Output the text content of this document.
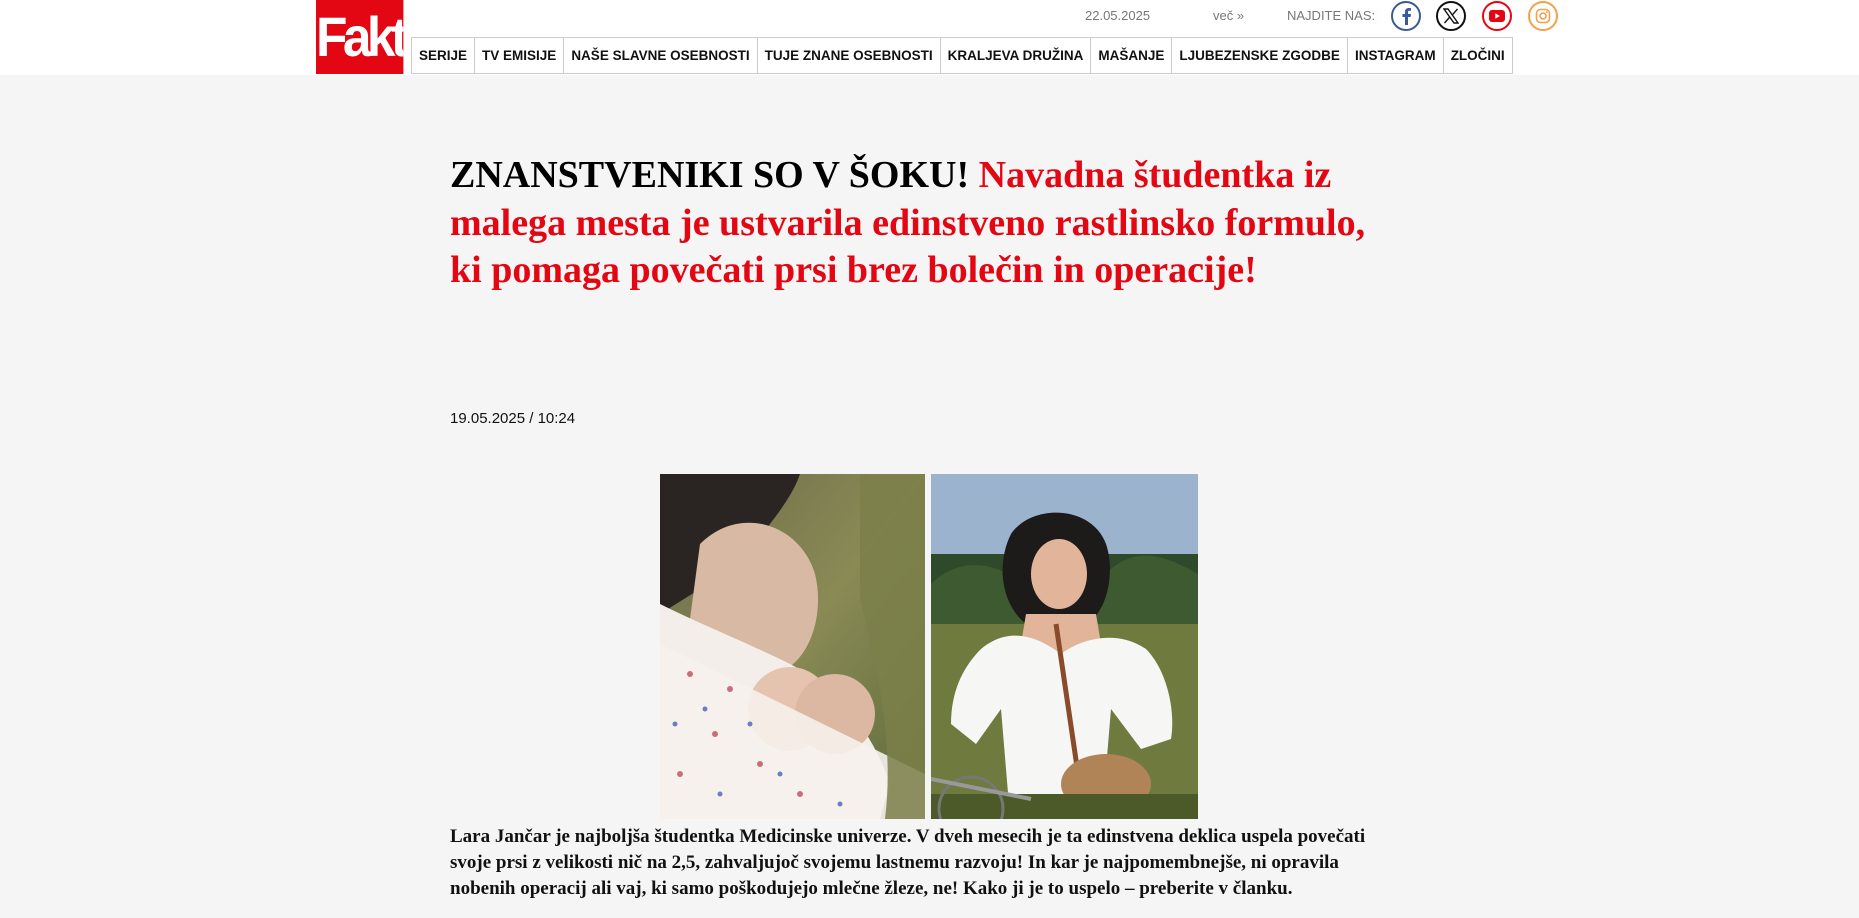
Fakt	22.05.2025	več »	NAJDITE NAS:
SERIJE	TV EMISIJE	NAŠE SLAVNE OSEBNOSTI	TUJE ZNANE OSEBNOSTI	KRALJEVA DRUŽINA	MAŠANJE	LJUBEZENSKE ZGODBE	INSTAGRAM	ZLOČINI
ZNANSTVENIKI SO V ŠOKU! Navadna študentka iz malega mesta je ustvarila edinstveno rastlinsko formulo, ki pomaga povečati prsi brez bolečin in operacije!
19.05.2025 / 10:24

Lara Jančar je najboljša študentka Medicinske univerze. V dveh mesecih je ta edinstvena deklica uspela povečati svoje prsi z velikosti nič na 2,5, zahvaljujoč svojemu lastnemu razvoju! In kar je najpomembnejše, ni opravila nobenih operacij ali vaj, ki samo poškodujejo mlečne žleze, ne! Kako ji je to uspelo – preberite v članku.
